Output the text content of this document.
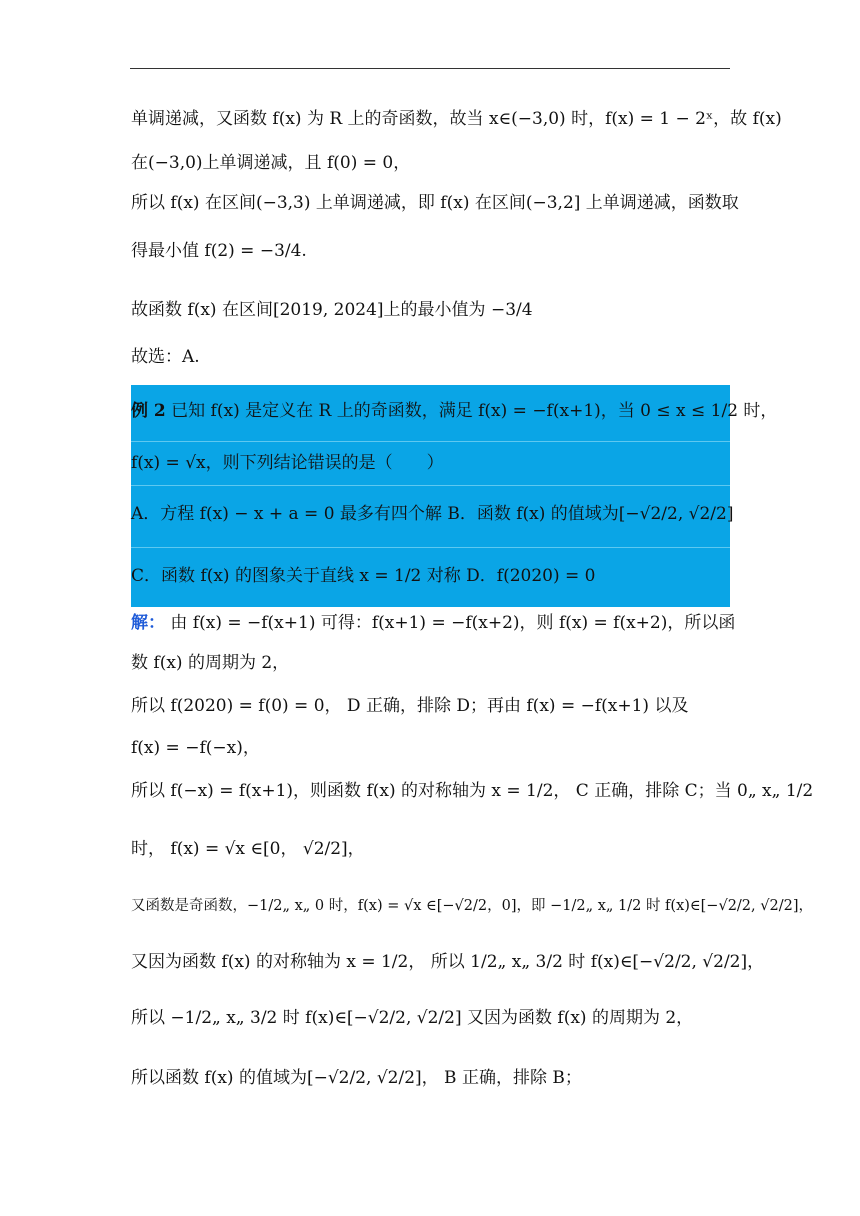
单调递减，又函数 f(x) 为 R 上的奇函数，故当 x∈(−3,0) 时，f(x) = 1 − 2ˣ，故 f(x)
在(−3,0)上单调递减，且 f(0) = 0，
所以 f(x) 在区间(−3,3) 上单调递减，即 f(x) 在区间(−3,2] 上单调递减，函数取
得最小值 f(2) = −3/4.
故函数 f(x) 在区间[2019, 2024]上的最小值为 −3/4
故选：A.
例 2 已知 f(x) 是定义在 R 上的奇函数，满足 f(x) = −f(x+1)，当 0 ≤ x ≤ 1/2 时，
f(x) = √x，则下列结论错误的是（　　）
A．方程 f(x) − x + a = 0 最多有四个解 B．函数 f(x) 的值域为[−√2/2, √2/2]
C．函数 f(x) 的图象关于直线 x = 1/2 对称 D．f(2020) = 0
解： 由 f(x) = −f(x+1) 可得：f(x+1) = −f(x+2)，则 f(x) = f(x+2)，所以函
数 f(x) 的周期为 2，
所以 f(2020) = f(0) = 0， D 正确，排除 D；再由 f(x) = −f(x+1) 以及
f(x) = −f(−x)，
所以 f(−x) = f(x+1)，则函数 f(x) 的对称轴为 x = 1/2， C 正确，排除 C；当 0„ x„ 1/2
时， f(x) = √x ∈[0， √2/2]，
又函数是奇函数，−1/2„ x„ 0 时，f(x) = √x ∈[−√2/2，0]，即 −1/2„ x„ 1/2 时 f(x)∈[−√2/2, √2/2]，
又因为函数 f(x) 的对称轴为 x = 1/2， 所以 1/2„ x„ 3/2 时 f(x)∈[−√2/2, √2/2]，
所以 −1/2„ x„ 3/2 时 f(x)∈[−√2/2, √2/2] 又因为函数 f(x) 的周期为 2，
所以函数 f(x) 的值域为[−√2/2, √2/2]， B 正确，排除 B；
